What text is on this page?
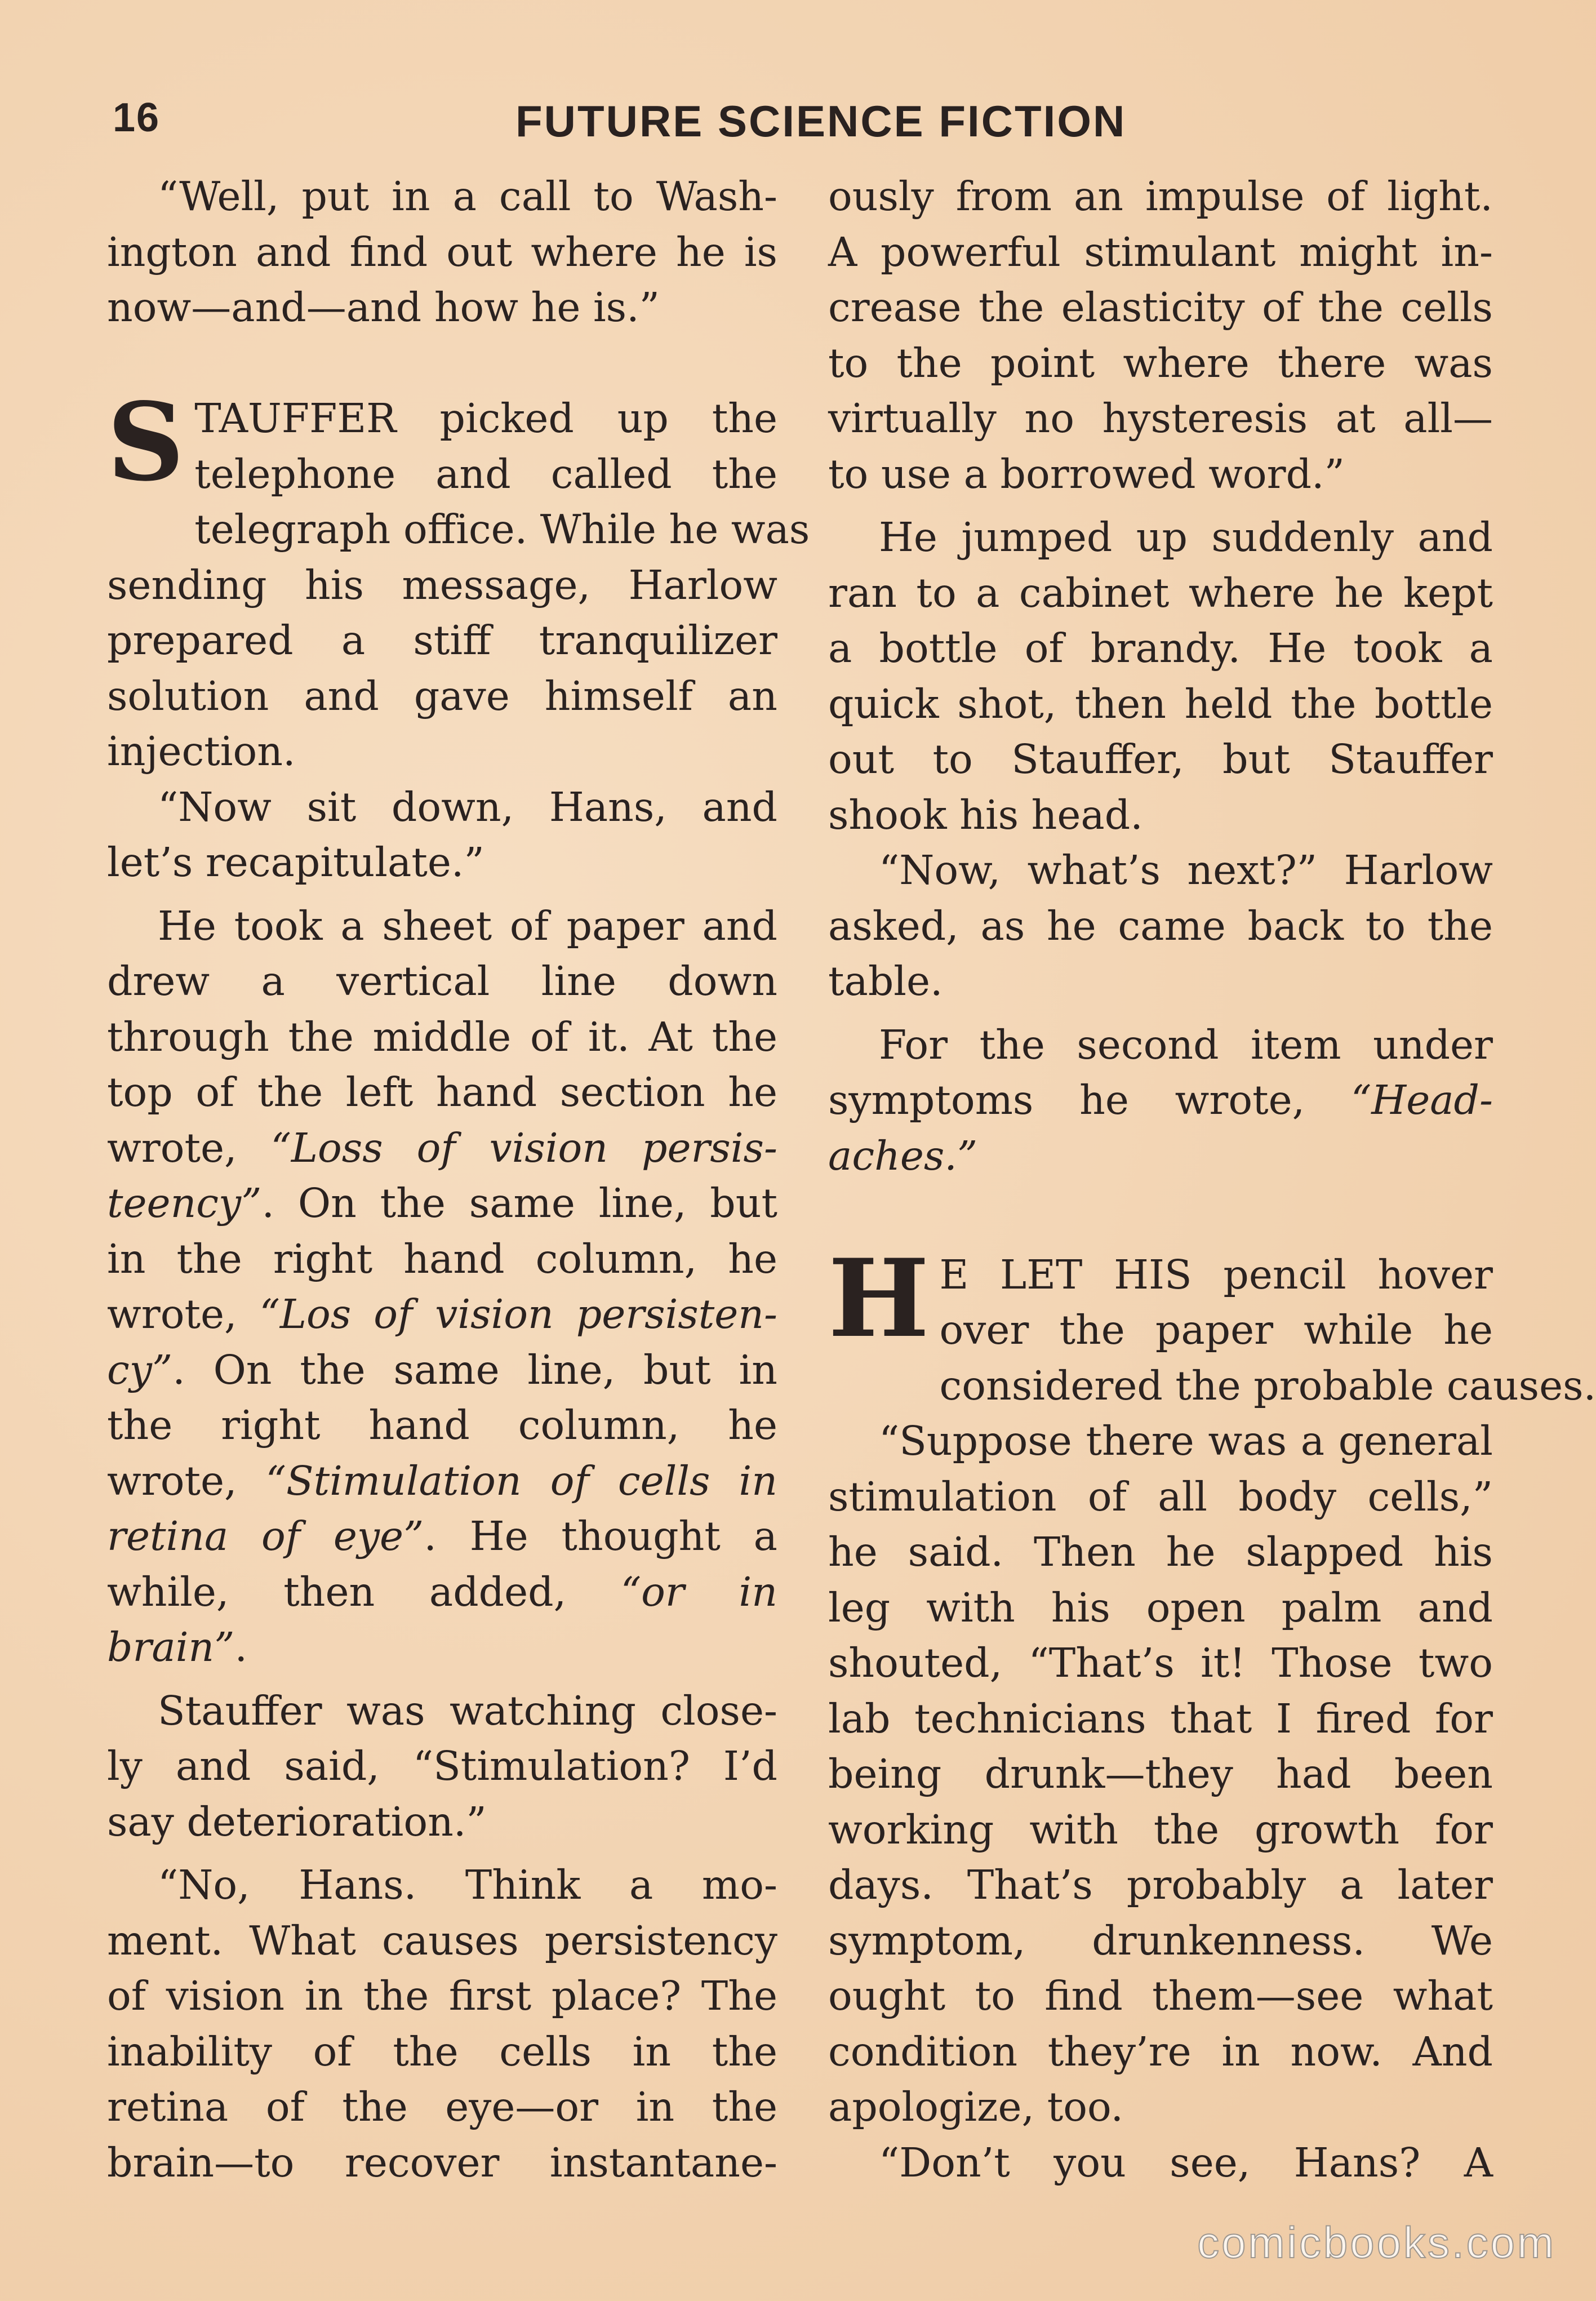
16	FUTURE SCIENCE FICTION
“Well, put in a call to Wash-
ington and find out where he is
now—and—and how he is.”
S TAUFFER picked up the
telephone and called the
telegraph office. While he was
sending his message, Harlow
prepared a stiff tranquilizer
solution and gave himself an
injection.
“Now sit down, Hans, and
let’s recapitulate.”
He took a sheet of paper and
drew a vertical line down
through the middle of it. At the
top of the left hand section he
wrote, “Loss of vision persis-
teency”. On the same line, but
in the right hand column, he
wrote, “Los of vision persisten-
cy”. On the same line, but in
the right hand column, he
wrote, “Stimulation of cells in
retina of eye”. He thought a
while, then added, “or in
brain”.
Stauffer was watching close-
ly and said, “Stimulation? I’d
say deterioration.”
“No, Hans. Think a mo-
ment. What causes persistency
of vision in the first place? The
inability of the cells in the
retina of the eye—or in the
brain—to recover instantane-
ously from an impulse of light.
A powerful stimulant might in-
crease the elasticity of the cells
to the point where there was
virtually no hysteresis at all—
to use a borrowed word.”
He jumped up suddenly and
ran to a cabinet where he kept
a bottle of brandy. He took a
quick shot, then held the bottle
out to Stauffer, but Stauffer
shook his head.
“Now, what’s next?” Harlow
asked, as he came back to the
table.
For the second item under
symptoms he wrote, “Head-
aches.”
H E LET HIS pencil hover
over the paper while he
considered the probable causes.
“Suppose there was a general
stimulation of all body cells,”
he said. Then he slapped his
leg with his open palm and
shouted, “That’s it! Those two
lab technicians that I fired for
being drunk—they had been
working with the growth for
days. That’s probably a later
symptom, drunkenness. We
ought to find them—see what
condition they’re in now. And
apologize, too.
“Don’t you see, Hans? A
comicbooks.com
